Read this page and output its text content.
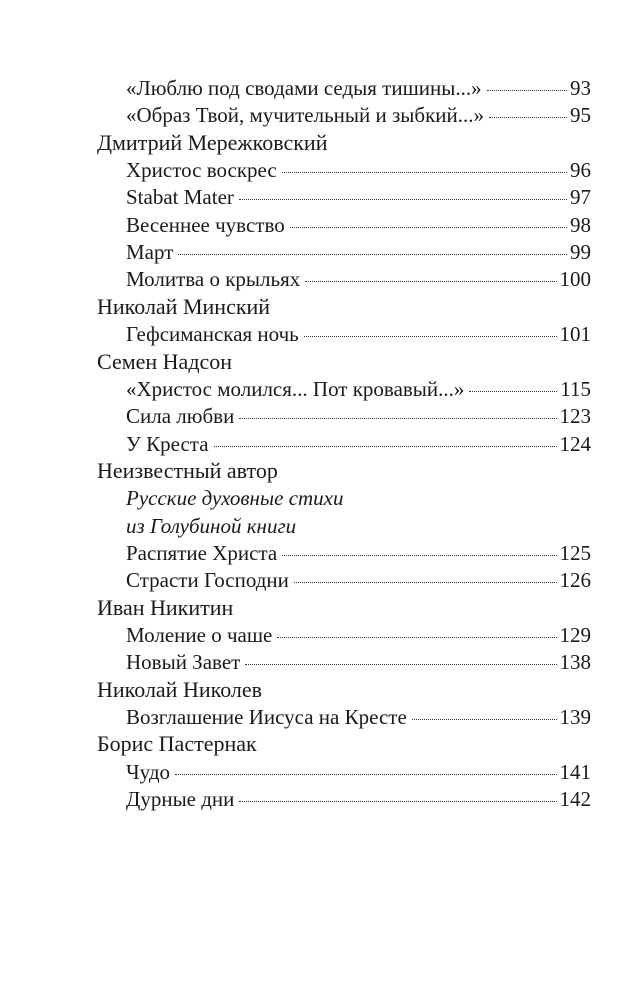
«Люблю под сводами седыя тишины...»	93
«Образ Твой, мучительный и зыбкий...»	95
Дмитрий Мережковский
Христос воскрес	96
Stabat Mater	97
Весеннее чувство	98
Март	99
Молитва о крыльях	100
Николай Минский
Гефсиманская ночь	101
Семен Надсон
«Христос молился... Пот кровавый...»	115
Сила любви	123
У Креста	124
Неизвестный автор
Русские духовные стихи
из Голубиной книги
Распятие Христа	125
Страсти Господни	126
Иван Никитин
Моление о чаше	129
Новый Завет	138
Николай Николев
Возглашение Иисуса на Кресте	139
Борис Пастернак
Чудо	141
Дурные дни	142
